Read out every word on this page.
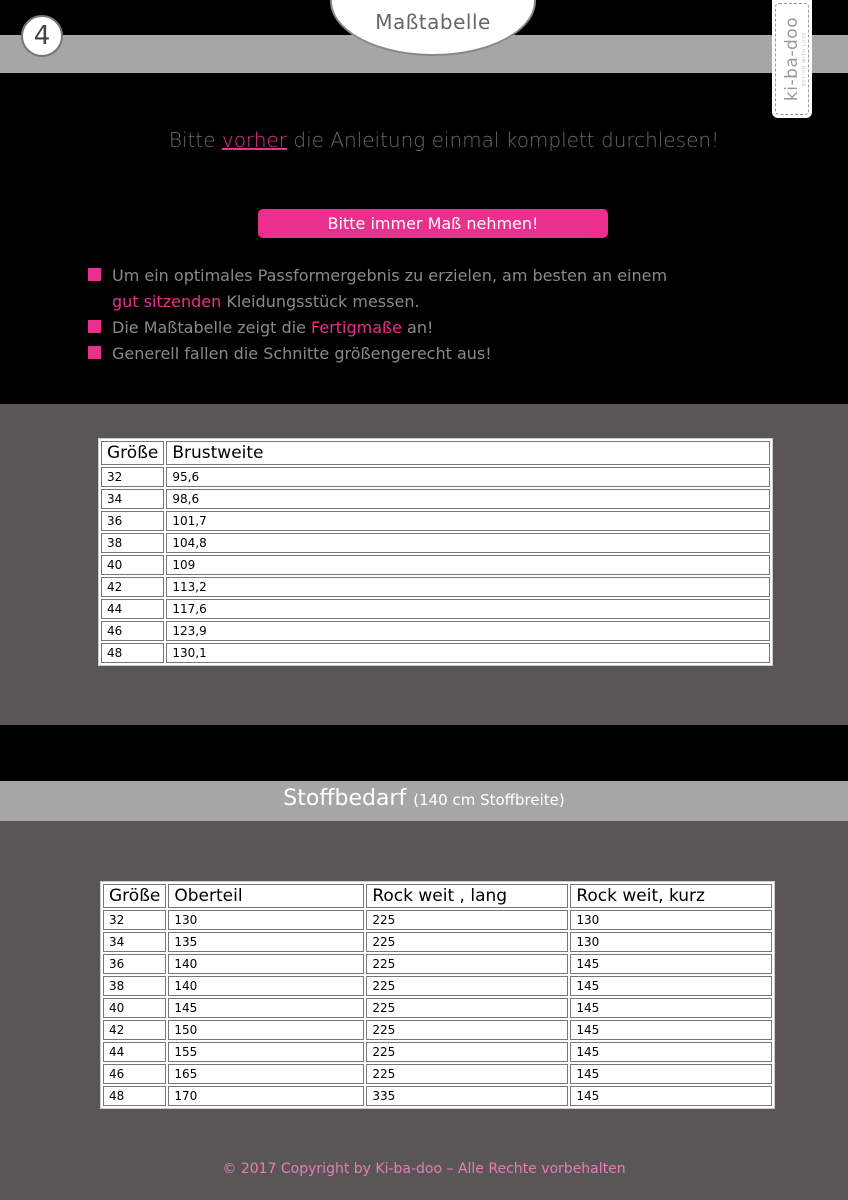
4	Maßtabelle	ki-ba-doo DESIGN WITH LOVE
Bitte vorher die Anleitung einmal komplett durchlesen!
Bitte immer Maß nehmen!
Um ein optimales Passformergebnis zu erzielen, am besten an einem
gut sitzenden Kleidungsstück messen.
Die Maßtabelle zeigt die Fertigmaße an!
Generell fallen die Schnitte größengerecht aus!
Größe	Brustweite
32	95,6
34	98,6
36	101,7
38	104,8
40	109
42	113,2
44	117,6
46	123,9
48	130,1
Stoffbedarf (140 cm Stoffbreite)
Größe	Oberteil	Rock weit , lang	Rock weit, kurz
32	130	225	130
34	135	225	130
36	140	225	145
38	140	225	145
40	145	225	145
42	150	225	145
44	155	225	145
46	165	225	145
48	170	335	145
© 2017 Copyright by Ki-ba-doo – Alle Rechte vorbehalten
